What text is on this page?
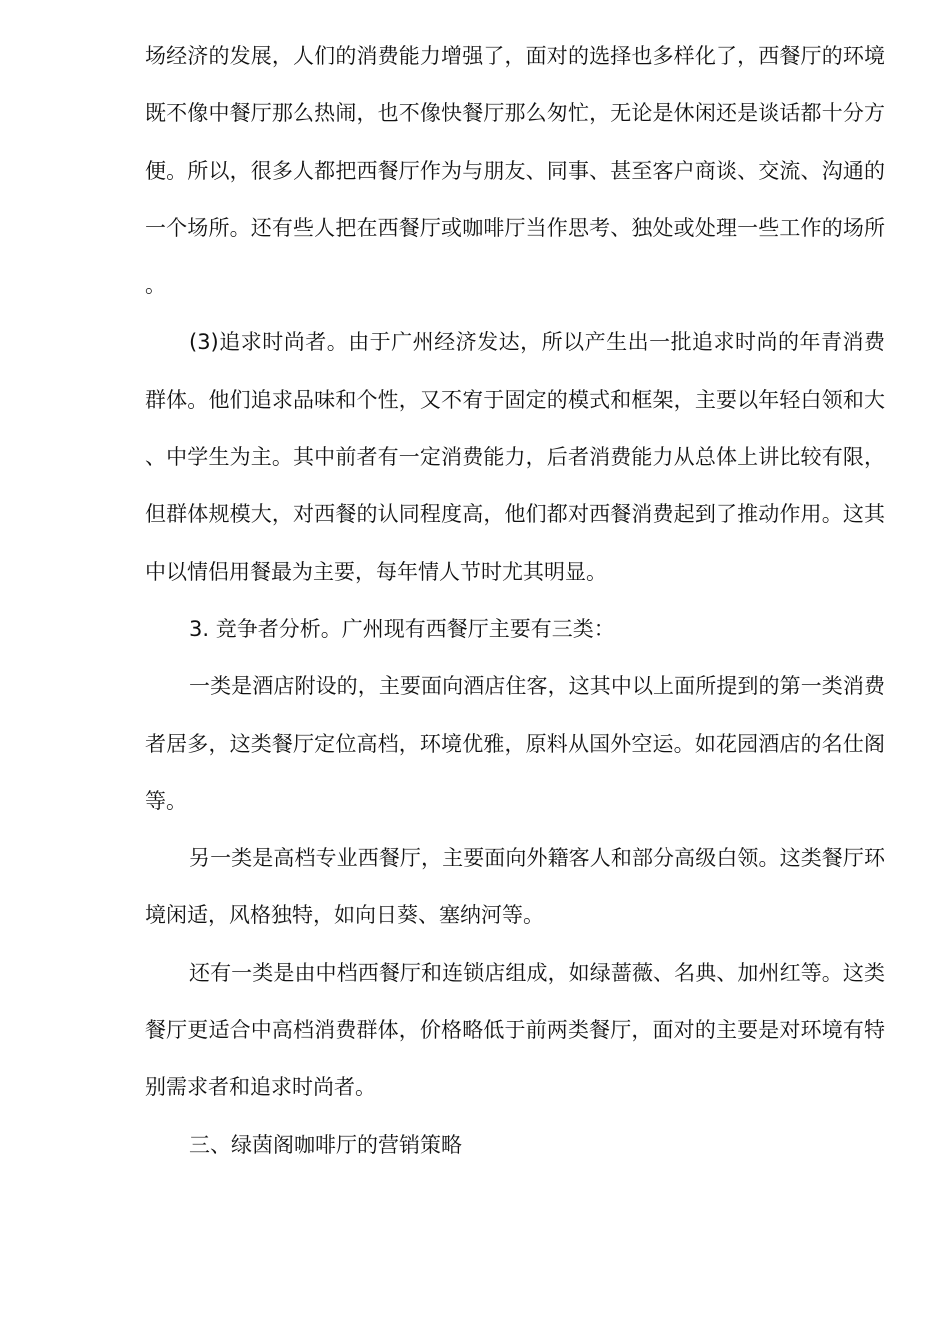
场经济的发展，人们的消费能力增强了，面对的选择也多样化了，西餐厅的环境既不像中餐厅那么热闹，也不像快餐厅那么匆忙，无论是休闲还是谈话都十分方便。所以，很多人都把西餐厅作为与朋友、同事、甚至客户商谈、交流、沟通的一个场所。还有些人把在西餐厅或咖啡厅当作思考、独处或处理一些工作的场所。

(3)追求时尚者。由于广州经济发达，所以产生出一批追求时尚的年青消费群体。他们追求品味和个性，又不宥于固定的模式和框架，主要以年轻白领和大、中学生为主。其中前者有一定消费能力，后者消费能力从总体上讲比较有限，但群体规模大，对西餐的认同程度高，他们都对西餐消费起到了推动作用。这其中以情侣用餐最为主要，每年情人节时尤其明显。

3. 竞争者分析。广州现有西餐厅主要有三类：

一类是酒店附设的，主要面向酒店住客，这其中以上面所提到的第一类消费者居多，这类餐厅定位高档，环境优雅，原料从国外空运。如花园酒店的名仕阁等。

另一类是高档专业西餐厅，主要面向外籍客人和部分高级白领。这类餐厅环境闲适，风格独特，如向日葵、塞纳河等。

还有一类是由中档西餐厅和连锁店组成，如绿蔷薇、名典、加州红等。这类餐厅更适合中高档消费群体，价格略低于前两类餐厅，面对的主要是对环境有特别需求者和追求时尚者。

三、绿茵阁咖啡厅的营销策略
